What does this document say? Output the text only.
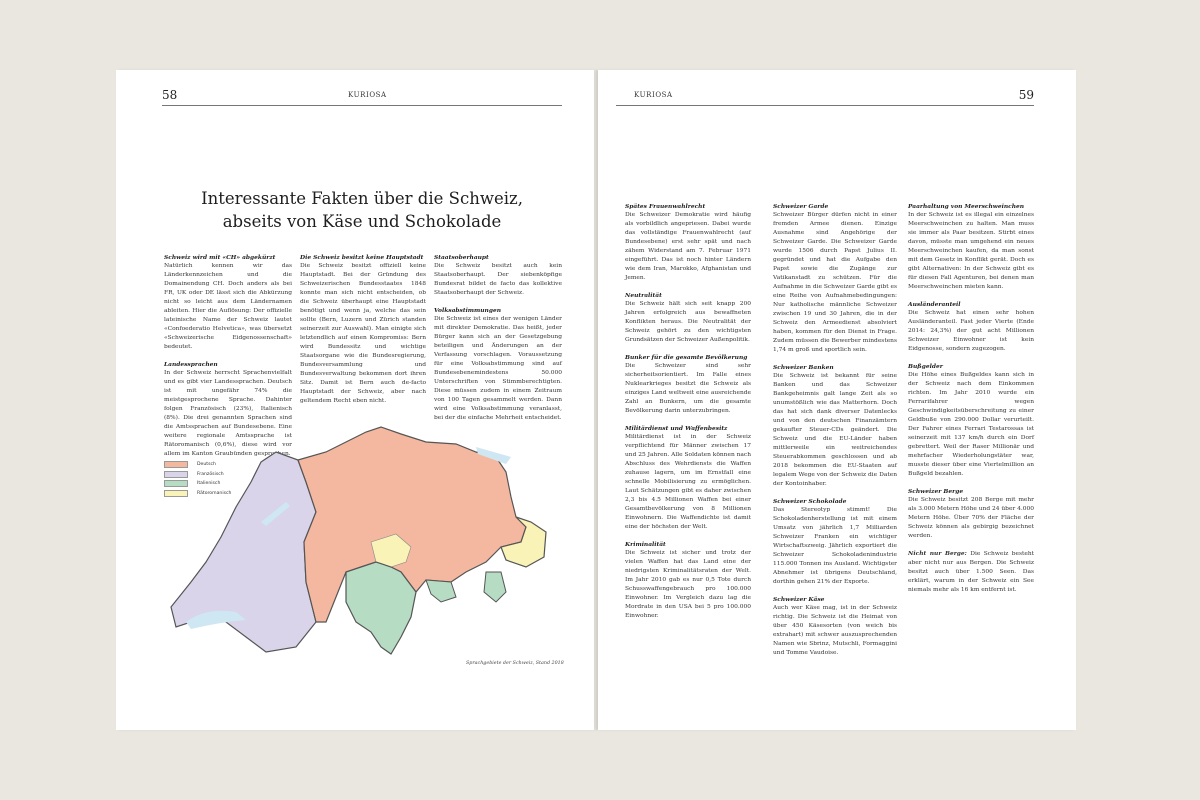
58	KURIOSA
Interessante Fakten über die Schweiz,
abseits von Käse und Schokolade
Schweiz wird mit «CH» abgekürzt

Natürlich kennen wir das Länderkennzeichen und die Domainendung CH. Doch anders als bei FR, UK oder DE lässt sich die Abkürzung nicht so leicht aus dem Ländernamen ableiten. Hier die Auflösung: Der offizielle lateinische Name der Schweiz lautet «Confoederatio Helvetica», was übersetzt «Schweizerische Eidgenossenschaft» bedeutet.

Landessprachen

In der Schweiz herrscht Sprachenvielfalt und es gibt vier Landessprachen. Deutsch ist mit ungefähr 74% die meistgesprochene Sprache. Dahinter folgen Französisch (23%), Italienisch (8%). Die drei genannten Sprachen sind die Amtssprachen auf Bundesebene. Eine weitere regionale Amtssprache ist Rätoromanisch (0,6%), diese wird vor allem im Kanton Graubünden gesprochen.

Die Schweiz besitzt keine Hauptstadt

Die Schweiz besitzt offiziell keine Hauptstadt. Bei der Gründung des Schweizerischen Bundesstaates 1848 konnte man sich nicht entscheiden, ob die Schweiz überhaupt eine Hauptstadt benötigt und wenn ja, welche das sein sollte (Bern, Luzern und Zürich standen seinerzeit zur Auswahl). Man einigte sich letztendlich auf einen Kompromiss: Bern wird Bundessitz und wichtige Staatsorgane wie die Bundesregierung, Bundesversammlung und Bundesverwaltung bekommen dort ihren Sitz. Damit ist Bern auch de-facto Hauptstadt der Schweiz, aber nach geltendem Recht eben nicht.

Staatsoberhaupt

Die Schweiz besitzt auch kein Staatsoberhaupt. Der siebenköpfige Bundesrat bildet de facto das kollektive Staatsoberhaupt der Schweiz.

Volksabstimmungen

Die Schweiz ist eines der wenigen Länder mit direkter Demokratie. Das heißt, jeder Bürger kann sich an der Gesetzgebung beteiligen und Änderungen an der Verfassung vorschlagen. Voraussetzung für eine Volksabstimmung sind auf Bundesebenemindestens 50.000 Unterschriften von Stimmberechtigten. Diese müssen zudem in einem Zeitraum von 100 Tagen gesammelt werden. Dann wird eine Volksabstimmung veranlasst, bei der die einfache Mehrheit entscheidet.

Deutsch
Französisch
Italienisch
Rätoromanisch
Sprachgebiete der Schweiz, Stand 2018
KURIOSA	59
Spätes Frauenwahlrecht

Die Schweizer Demokratie wird häufig als vorbildlich angepriesen. Dabei wurde das vollständige Frauenwahlrecht (auf Bundesebene) erst sehr spät und nach zähem Widerstand am 7. Februar 1971 eingeführt. Das ist noch hinter Ländern wie dem Iran, Marokko, Afghanistan und Jemen.

Neutralität

Die Schweiz hält sich seit knapp 200 Jahren erfolgreich aus bewaffneten Konflikten heraus. Die Neutralität der Schweiz gehört zu den wichtigsten Grundsätzen der Schweizer Außenpolitik.

Bunker für die gesamte Bevölkerung

Die Schweizer sind sehr sicherheitsorientiert. Im Falle eines Nuklearkrieges besitzt die Schweiz als einziges Land weltweit eine ausreichende Zahl an Bunkern, um die gesamte Bevölkerung darin unterzubringen.

Militärdienst und Waffenbesitz

Militärdienst ist in der Schweiz verpflichtend für Männer zwischen 17 und 25 Jahren. Alle Soldaten können nach Abschluss des Wehrdiensts die Waffen zuhause lagern, um im Ernstfall eine schnelle Mobilisierung zu ermöglichen. Laut Schätzungen gibt es daher zwischen 2,3 bis 4.5 Millionen Waffen bei einer Gesamtbevölkerung von 8 Millionen Einwohnern. Die Waffendichte ist damit eine der höchsten der Welt.

Kriminalität

Die Schweiz ist sicher und trotz der vielen Waffen hat das Land eine der niedrigsten Kriminalitätsraten der Welt. Im Jahr 2010 gab es nur 0,5 Tote durch Schusswaffengebrauch pro 100.000 Einwohner. Im Vergleich dazu lag die Mordrate in den USA bei 5 pro 100.000 Einwohner.

Schweizer Garde

Schweizer Bürger dürfen nicht in einer fremden Armee dienen. Einzige Ausnahme sind Angehörige der Schweizer Garde. Die Schweizer Garde wurde 1506 durch Papst Julius II. gegründet und hat die Aufgabe den Papst sowie die Zugänge zur Vatikanstadt zu schützen. Für die Aufnahme in die Schweizer Garde gibt es eine Reihe von Aufnahmebedingungen: Nur katholische männliche Schweizer zwischen 19 und 30 Jahren, die in der Schweiz den Armeedienst absolviert haben, kommen für den Dienst in Frage. Zudem müssen die Bewerber mindestens 1,74 m groß und sportlich sein.

Schweizer Banken

Die Schweiz ist bekannt für seine Banken und das Schweizer Bankgeheimnis galt lange Zeit als so unumstößlich wie das Matterhorn. Doch das hat sich dank diverser Datenlecks und von den deutschen Finanzämtern gekaufter Steuer-CDs geändert. Die Schweiz und die EU-Länder haben mittlerweile ein weitreichendes Steuerabkommen geschlossen und ab 2018 bekommen die EU-Staaten auf legalem Wege von der Schweiz die Daten der Kontoinhaber.

Schweizer Schokolade

Das Stereotyp stimmt! Die Schokoladenherstellung ist mit einem Umsatz von jährlich 1,7 Milliarden Schweizer Franken ein wichtiger Wirtschaftszweig. Jährlich exportiert die Schweizer Schokoladenindustrie 115.000 Tonnen ins Ausland. Wichtigster Abnehmer ist übrigens Deutschland, dorthin gehen 21% der Exporte.

Schweizer Käse

Auch wer Käse mag, ist in der Schweiz richtig. Die Schweiz ist die Heimat von über 450 Käsesorten (von weich bis extrahart) mit schwer auszusprechenden Namen wie Sbrinz, Mutschli, Formaggini und Tomme Vaudoise.

Paarhaltung von Meerschweinchen

In der Schweiz ist es illegal ein einzelnes Meerschweinchen zu halten. Man muss sie immer als Paar besitzen. Stirbt eines davon, müsste man umgehend ein neues Meerschweinchen kaufen, da man sonst mit dem Gesetz in Konflikt gerät. Doch es gibt Alternativen: In der Schweiz gibt es für diesen Fall Agenturen, bei denen man Meerschweinchen mieten kann.

Ausländeranteil

Die Schweiz hat einen sehr hohen Ausländeranteil. Fast jeder Vierte (Ende 2014: 24,3%) der gut acht Millionen Schweizer Einwohner ist kein Eidgenosse, sondern zugezogen.

Bußgelder

Die Höhe eines Bußgeldes kann sich in der Schweiz nach dem Einkommen richten. Im Jahr 2010 wurde ein Ferrarifahrer wegen Geschwindigkeitsüberschreitung zu einer Geldbuße von 290.000 Dollar verurteilt. Der Fahrer eines Ferrari Testarossas ist seinerzeit mit 137 km/h durch ein Dorf gebrettert. Weil der Raser Millionär und mehrfacher Wiederholungstäter war, musste dieser über eine Viertelmillion an Bußgeld bezahlen.

Schweizer Berge

Die Schweiz besitzt 208 Berge mit mehr als 3.000 Metern Höhe und 24 über 4.000 Metern Höhe. Über 70% der Fläche der Schweiz können als gebirgig bezeichnet werden.

Nicht nur Berge: Die Schweiz besteht aber nicht nur aus Bergen. Die Schweiz besitzt auch über 1.500 Seen. Das erklärt, warum in der Schweiz ein See niemals mehr als 16 km entfernt ist.
